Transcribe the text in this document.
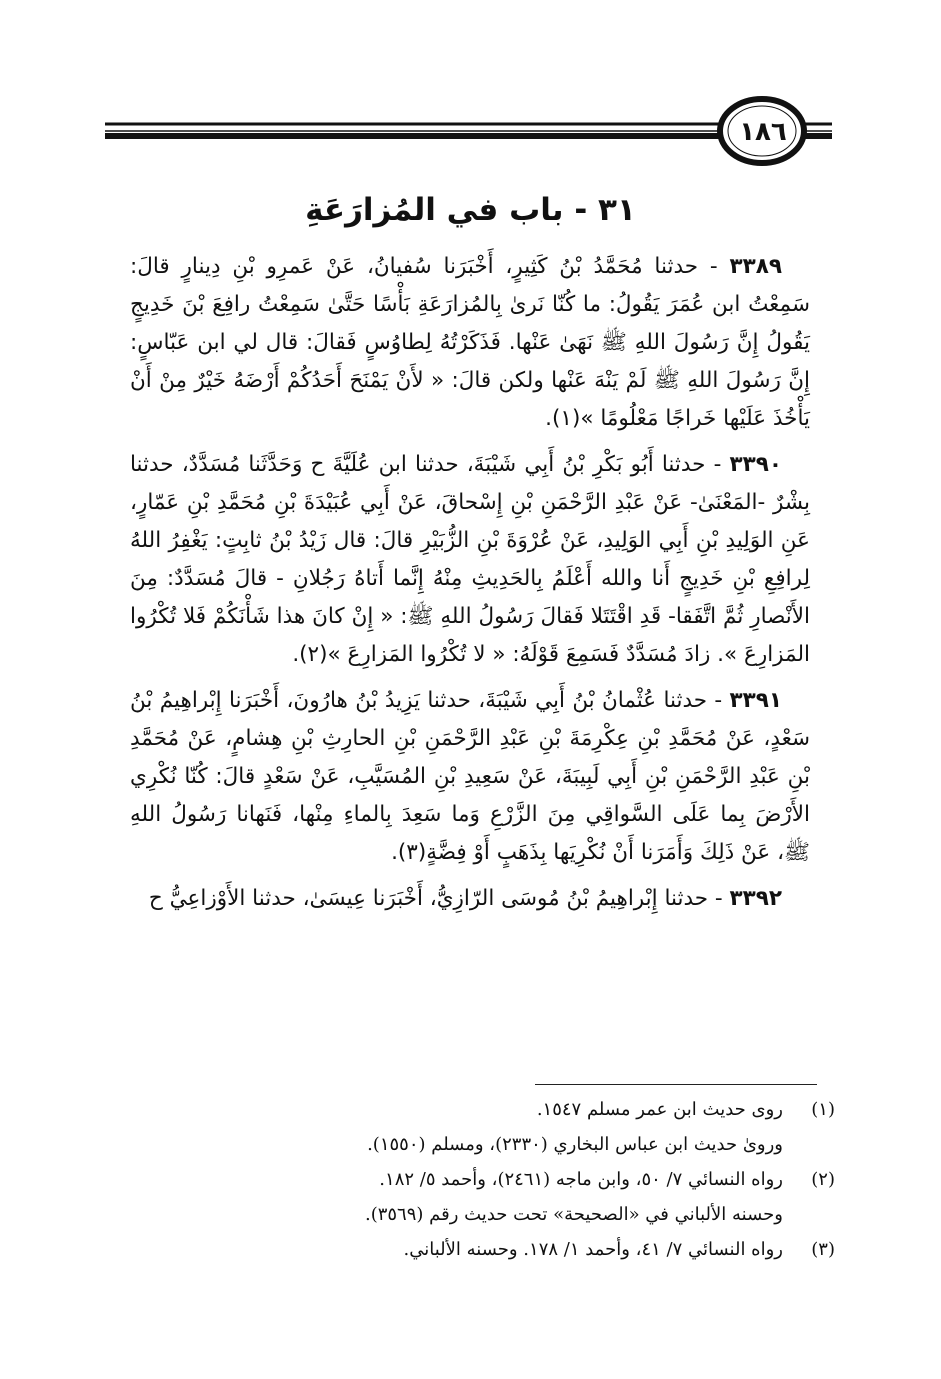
١٨٦
٣١ - باب في المُزارَعَةِ

٣٣٨٩ - حدثنا مُحَمَّدُ بْنُ كَثِيرٍ، أَخْبَرَنا سُفيانُ، عَنْ عَمرِو بْنِ دِينارٍ قالَ: سَمِعْتُ ابن عُمَرَ يَقُولُ: ما كُنّا نَرىٰ بِالمُزارَعَةِ بَأْسًا حَتَّىٰ سَمِعْتُ رافِعَ بْنَ خَدِيجٍ يَقُولُ إِنَّ رَسُولَ اللهِ ﷺ نَهَىٰ عَنْها. فَذَكَرْتُهُ لِطاوُسٍ فَقالَ: قال لي ابن عَبّاسٍ: إِنَّ رَسُولَ اللهِ ﷺ لَمْ يَنْهَ عَنْها ولكن قالَ: « لأَنْ يَمْنَحَ أَحَدُكُمْ أَرْضَهُ خَيْرٌ مِنْ أَنْ يَأْخُذَ عَلَيْها خَراجًا مَعْلُومًا »(١).

٣٣٩٠ - حدثنا أَبُو بَكْرِ بْنُ أَبِي شَيْبَةَ، حدثنا ابن عُلَيَّةَ ح وَحَدَّثَنا مُسَدَّدٌ، حدثنا بِشْرٌ -المَعْنَىٰ- عَنْ عَبْدِ الرَّحْمَنِ بْنِ إِسْحاقَ، عَنْ أَبِي عُبَيْدَةَ بْنِ مُحَمَّدِ بْنِ عَمّارٍ، عَنِ الوَلِيدِ بْنِ أَبِي الوَلِيدِ، عَنْ عُرْوَةَ بْنِ الزُّبَيْرِ قالَ: قال زَيْدُ بْنُ ثابِتٍ: يَغْفِرُ اللهُ لِرافِعِ بْنِ خَدِيجٍ أَنا والله أَعْلَمُ بِالحَدِيثِ مِنْهُ إِنَّما أَتاهُ رَجُلانِ - قالَ مُسَدَّدٌ: مِنَ الأَنْصارِ ثُمَّ اتَّفَقا- قَدِ اقْتَتَلا فَقالَ رَسُولُ اللهِ ﷺ: « إِنْ كانَ هذا شَأْنَكُمْ فَلا تُكْرُوا المَزارِعَ ». زادَ مُسَدَّدٌ فَسَمِعَ قَوْلَهُ: « لا تُكْرُوا المَزارِعَ »(٢).

٣٣٩١ - حدثنا عُثْمانُ بْنُ أَبِي شَيْبَةَ، حدثنا يَزِيدُ بْنُ هارُونَ، أَخْبَرَنا إِبْراهِيمُ بْنُ سَعْدٍ، عَنْ مُحَمَّدِ بْنِ عِكْرِمَةَ بْنِ عَبْدِ الرَّحْمَنِ بْنِ الحارِثِ بْنِ هِشامٍ، عَنْ مُحَمَّدِ بْنِ عَبْدِ الرَّحْمَنِ بْنِ أَبِي لَبِيبَةَ، عَنْ سَعِيدِ بْنِ المُسَيَّبِ، عَنْ سَعْدٍ قالَ: كُنّا نُكْرِي الأَرْضَ بِما عَلَى السَّواقِي مِنَ الزَّرْعِ وَما سَعِدَ بِالماءِ مِنْها، فَنَهانا رَسُولُ اللهِ ﷺ، عَنْ ذَلِكَ وَأَمَرَنا أَنْ نُكْرِيَها بِذَهَبٍ أَوْ فِضَّةٍ(٣).

٣٣٩٢ - حدثنا إِبْراهِيمُ بْنُ مُوسَى الرّازِيُّ، أَخْبَرَنا عِيسَىٰ، حدثنا الأَوْزاعِيُّ ح

(١)
روى حديث ابن عمر مسلم ١٥٤٧.
وروىٰ حديث ابن عباس البخاري (٢٣٣٠)، ومسلم (١٥٥٠).
(٢)
رواه النسائي ٧/ ٥٠، وابن ماجه (٢٤٦١)، وأحمد ٥/ ١٨٢.
وحسنه الألباني في «الصحيحة» تحت حديث رقم (٣٥٦٩).
(٣)
رواه النسائي ٧/ ٤١، وأحمد ١/ ١٧٨. وحسنه الألباني.
